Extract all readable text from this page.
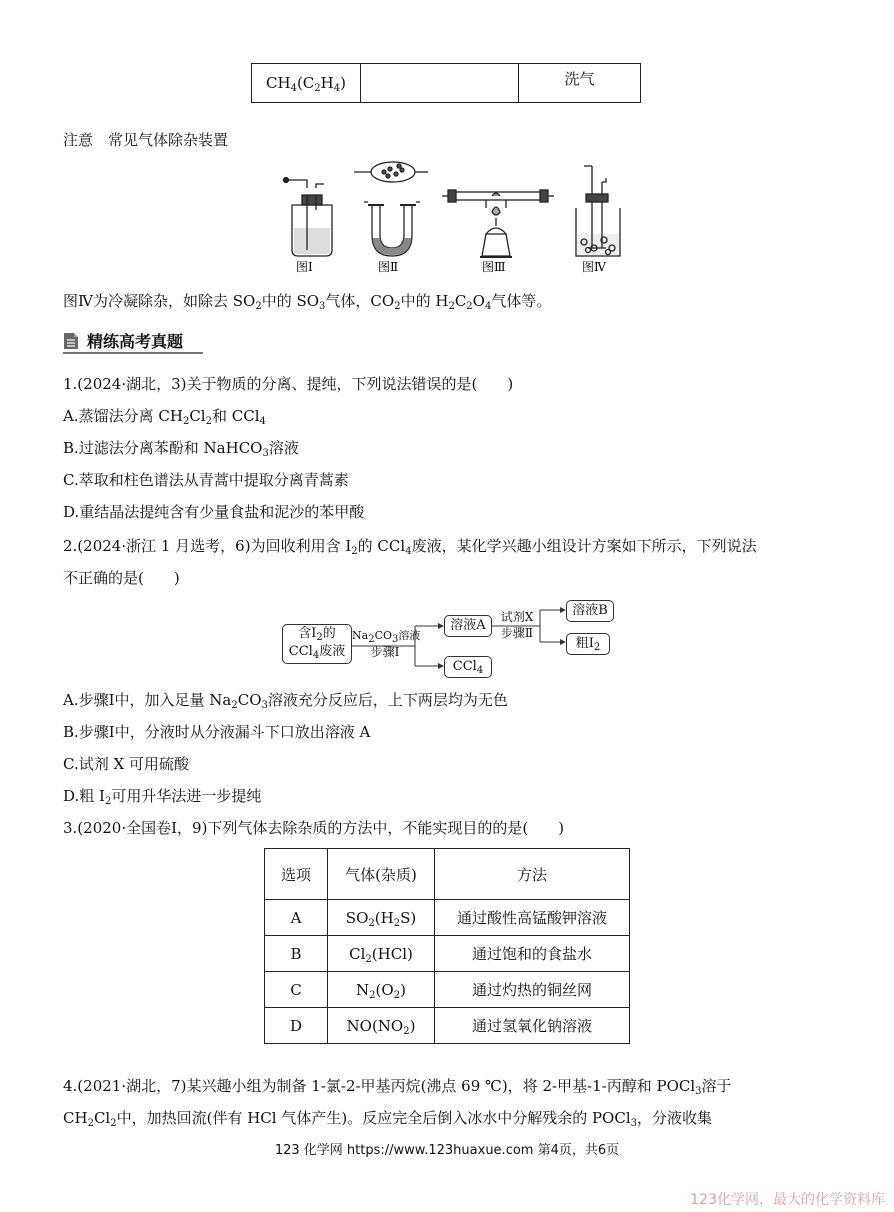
$CH_4(C_2H_4)$		洗气
注意　常见气体除杂装置
图Ⅰ	图Ⅱ	图Ⅲ	图Ⅳ
图Ⅳ为冷凝除杂，如除去 $SO_2$中的 $SO_3$气体，$CO_2$中的 $H_2C_2O_4$气体等。
精练高考真题
1.(2024·湖北，3)关于物质的分离、提纯，下列说法错误的是(　　)
A.蒸馏法分离 $CH_2Cl_2$和 CCl$_4$
B.过滤法分离苯酚和 NaHCO$_3$溶液
C.萃取和柱色谱法从青蒿中提取分离青蒿素
D.重结晶法提纯含有少量食盐和泥沙的苯甲酸
2.(2024·浙江 1 月选考，6)为回收利用含 $I_2$的 CCl$_4$废液，某化学兴趣小组设计方案如下所示，下列说法
不正确的是(　　)
含$I_2$的
CCl$_4$废液
$Na_2CO_3$溶液
步骤Ⅰ
溶液A
CCl$_4$
试剂X
步骤Ⅱ
溶液B
粗$I_2$
A.步骤Ⅰ中，加入足量 $Na_2CO_3$溶液充分反应后，上下两层均为无色
B.步骤Ⅰ中，分液时从分液漏斗下口放出溶液 A
C.试剂 X 可用硫酸
D.粗 $I_2$可用升华法进一步提纯
3.(2020·全国卷Ⅰ，9)下列气体去除杂质的方法中，不能实现目的的是(　　)
选项	气体(杂质)	方法
A	$SO_2(H_2S)$	通过酸性高锰酸钾溶液
B	$Cl_2(HCl)$	通过饱和的食盐水
C	$N_2(O_2)$	通过灼热的铜丝网
D	$NO(NO_2)$	通过氢氧化钠溶液
4.(2021·湖北，7)某兴趣小组为制备 1-氯-2-甲基丙烷(沸点 69 ℃)，将 2-甲基-1-丙醇和 POCl$_3$溶于
$CH_2Cl_2$中，加热回流(伴有 HCl 气体产生)。反应完全后倒入冰水中分解残余的 POCl$_3$，分液收集
123 化学网 https://www.123huaxue.com 第4页，共6页
123化学网，最大的化学资料库
